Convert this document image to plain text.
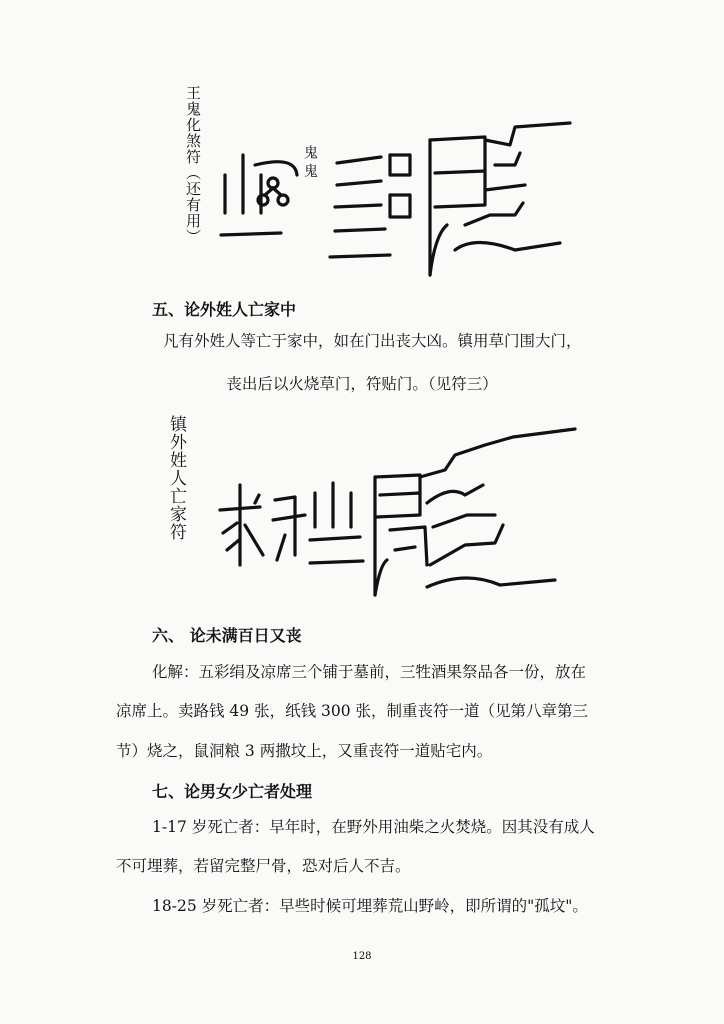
王鬼化煞符（还有用）	鬼 鬼
五、论外姓人亡家中
凡有外姓人等亡于家中，如在门出丧大凶。镇用草门围大门，
丧出后以火烧草门，符贴门。（见符三）
镇外姓人亡家符
六、 论未满百日又丧
化解：五彩绢及凉席三个铺于墓前，三牲酒果祭品各一份，放在
凉席上。卖路钱 49 张，纸钱 300 张，制重丧符一道（见第八章第三
节）烧之，鼠洞粮 3 两撒坟上，又重丧符一道贴宅内。
七、论男女少亡者处理
1-17 岁死亡者：早年时，在野外用油柴之火焚烧。因其没有成人
不可埋葬，若留完整尸骨，恐对后人不吉。
18-25 岁死亡者：早些时候可埋葬荒山野岭，即所谓的"孤坟"。
128
